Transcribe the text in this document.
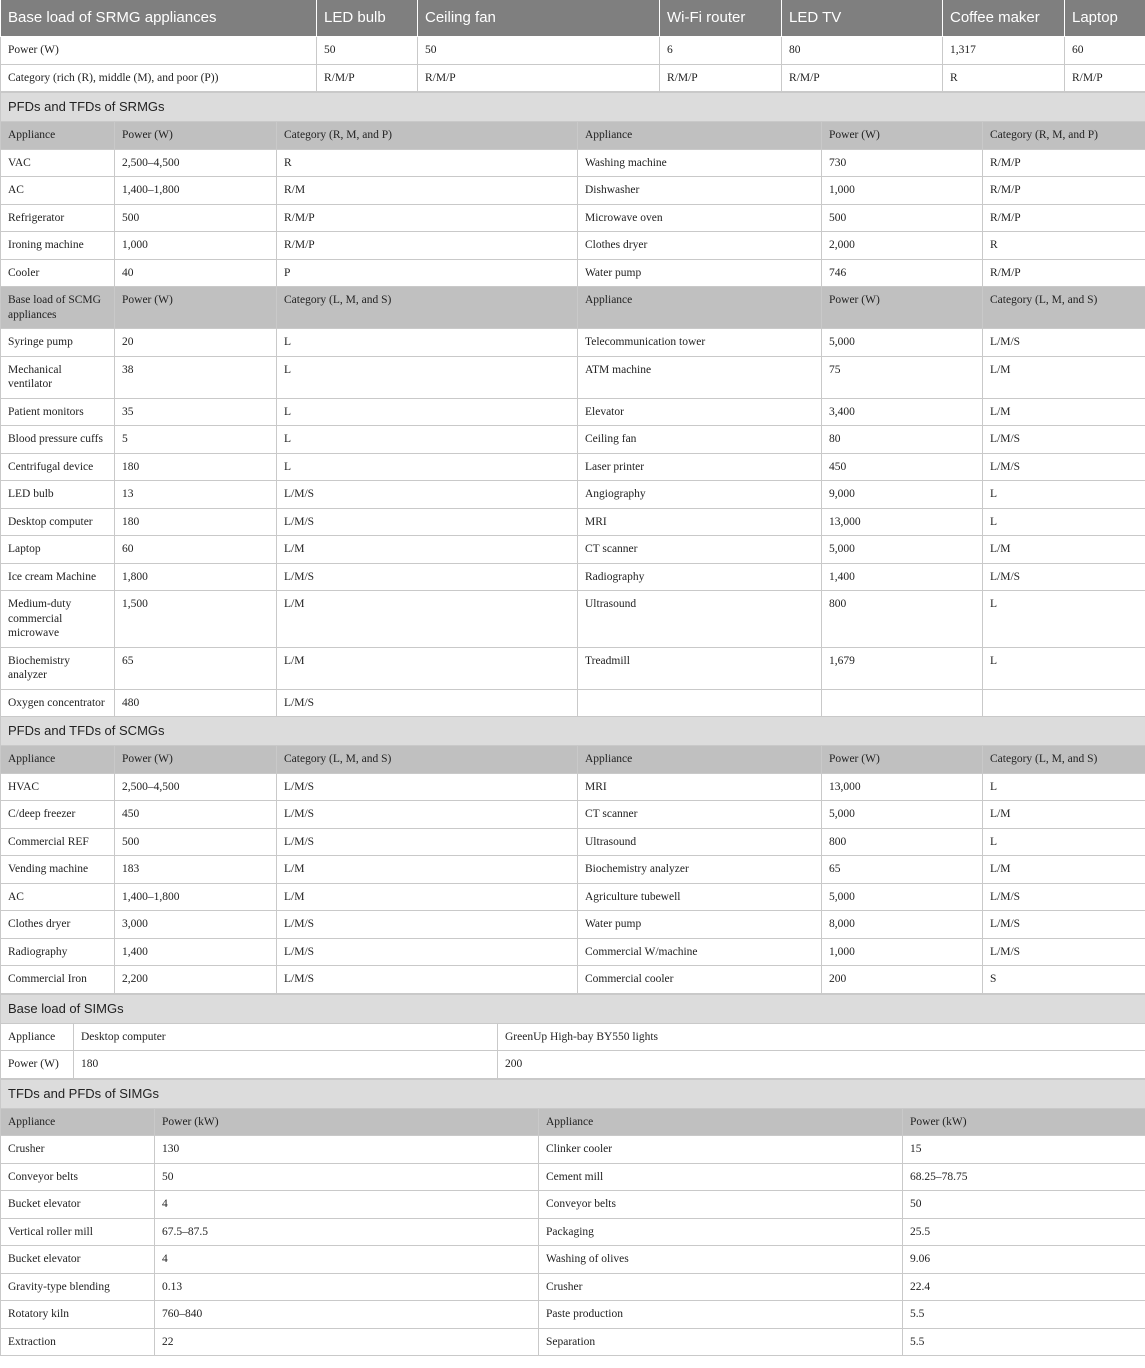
Base load of SRMG appliances	LED bulb	Ceiling fan	Wi-Fi router	LED TV	Coffee maker	Laptop
Power (W)	50	50	6	80	1,317	60
Category (rich (R), middle (M), and poor (P))	R/M/P	R/M/P	R/M/P	R/M/P	R	R/M/P
PFDs and TFDs of SRMGs					
Appliance	Power (W)	Category (R, M, and P)	Appliance	Power (W)	Category (R, M, and P)
VAC	2,500–4,500	R	Washing machine	730	R/M/P
AC	1,400–1,800	R/M	Dishwasher	1,000	R/M/P
Refrigerator	500	R/M/P	Microwave oven	500	R/M/P
Ironing machine	1,000	R/M/P	Clothes dryer	2,000	R
Cooler	40	P	Water pump	746	R/M/P
Base load of SCMG appliances	Power (W)	Category (L, M, and S)	Appliance	Power (W)	Category (L, M, and S)
Syringe pump	20	L	Telecommunication tower	5,000	L/M/S
Mechanical ventilator	38	L	ATM machine	75	L/M
Patient monitors	35	L	Elevator	3,400	L/M
Blood pressure cuffs	5	L	Ceiling fan	80	L/M/S
Centrifugal device	180	L	Laser printer	450	L/M/S
LED bulb	13	L/M/S	Angiography	9,000	L
Desktop computer	180	L/M/S	MRI	13,000	L
Laptop	60	L/M	CT scanner	5,000	L/M
Ice cream Machine	1,800	L/M/S	Radiography	1,400	L/M/S
Medium-duty commercial microwave	1,500	L/M	Ultrasound	800	L
Biochemistry analyzer	65	L/M	Treadmill	1,679	L
Oxygen concentrator	480	L/M/S			
PFDs and TFDs of SCMGs					
Appliance	Power (W)	Category (L, M, and S)	Appliance	Power (W)	Category (L, M, and S)
HVAC	2,500–4,500	L/M/S	MRI	13,000	L
C/deep freezer	450	L/M/S	CT scanner	5,000	L/M
Commercial REF	500	L/M/S	Ultrasound	800	L
Vending machine	183	L/M	Biochemistry analyzer	65	L/M
AC	1,400–1,800	L/M	Agriculture tubewell	5,000	L/M/S
Clothes dryer	3,000	L/M/S	Water pump	8,000	L/M/S
Radiography	1,400	L/M/S	Commercial W/machine	1,000	L/M/S
Commercial Iron	2,200	L/M/S	Commercial cooler	200	S
Base load of SIMGs		
Appliance	Desktop computer	GreenUp High-bay BY550 lights
Power (W)	180	200
TFDs and PFDs of SIMGs			
Appliance	Power (kW)	Appliance	Power (kW)
Crusher	130	Clinker cooler	15
Conveyor belts	50	Cement mill	68.25–78.75
Bucket elevator	4	Conveyor belts	50
Vertical roller mill	67.5–87.5	Packaging	25.5
Bucket elevator	4	Washing of olives	9.06
Gravity-type blending	0.13	Crusher	22.4
Rotatory kiln	760–840	Paste production	5.5
Extraction	22	Separation	5.5
